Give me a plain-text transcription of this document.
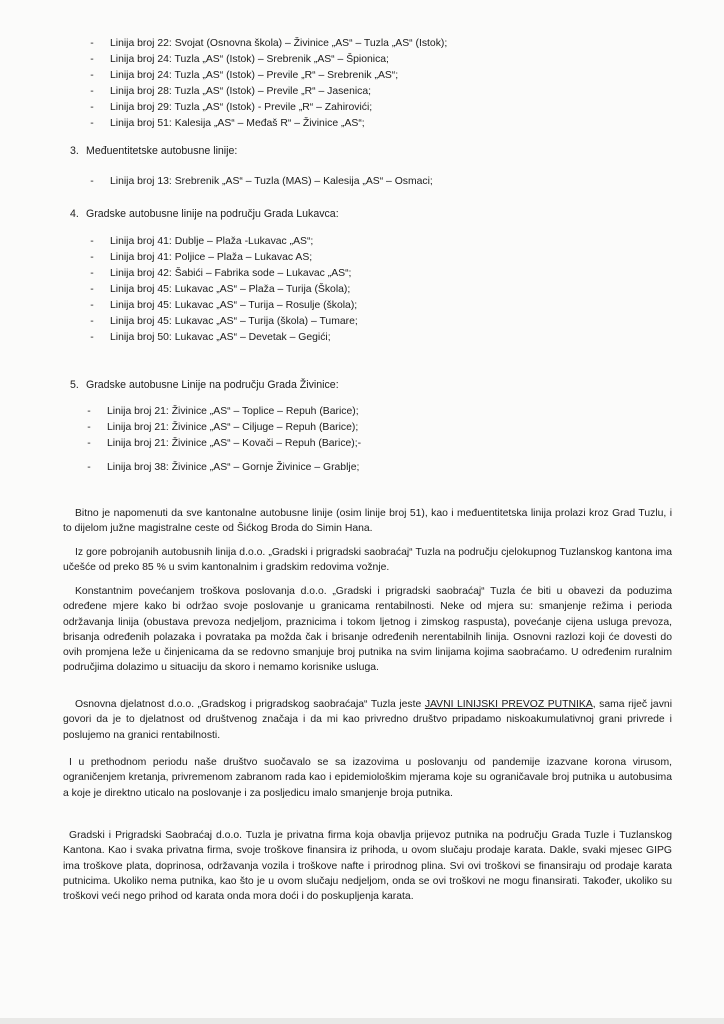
- Linija broj 22: Svojat (Osnovna škola) – Živinice „AS“ – Tuzla „AS“ (Istok);
- Linija broj 24: Tuzla „AS“ (Istok) – Srebrenik „AS“ – Špionica;
- Linija broj 24: Tuzla „AS“ (Istok) – Previle „R“ – Srebrenik „AS“;
- Linija broj 28: Tuzla „AS“ (Istok) – Previle „R“ – Jasenica;
- Linija broj 29: Tuzla „AS“ (Istok) - Previle „R“ – Zahirovići;
- Linija broj 51: Kalesija „AS“ – Međaš R“ – Živinice „AS“;
3. Međuentitetske autobusne linije:
- Linija broj 13: Srebrenik „AS“ – Tuzla (MAS) – Kalesija „AS“ – Osmaci;
4. Gradske autobusne linije na području Grada Lukavca:
- Linija broj 41: Dublje – Plaža -Lukavac „AS“;
- Linija broj 41: Poljice – Plaža – Lukavac AS;
- Linija broj 42: Šabići – Fabrika sode – Lukavac „AS“;
- Linija broj 45: Lukavac „AS“ – Plaža – Turija (Škola);
- Linija broj 45: Lukavac „AS“ – Turija – Rosulje (škola);
- Linija broj 45: Lukavac „AS“ – Turija (škola) – Tumare;
- Linija broj 50: Lukavac „AS“ – Devetak – Gegići;
5. Gradske autobusne Linije na području Grada Živinice:
- Linija broj 21: Živinice „AS“ – Toplice – Repuh (Barice);
- Linija broj 21: Živinice „AS“ – Ciljuge – Repuh (Barice);
- Linija broj 21: Živinice „AS“ – Kovači – Repuh (Barice);-
- Linija broj 38: Živinice „AS“ – Gornje Živinice – Grablje;

Bitno je napomenuti da sve kantonalne autobusne linije (osim linije broj 51), kao i međuentitetska linija prolazi kroz Grad Tuzlu, i to dijelom južne magistralne ceste od Šićkog Broda do Simin Hana.

Iz gore pobrojanih autobusnih linija d.o.o. „Gradski i prigradski saobraćaj“ Tuzla na području cjelokupnog Tuzlanskog kantona ima učešće od preko 85 % u svim kantonalnim i gradskim redovima vožnje.

Konstantnim povećanjem troškova poslovanja d.o.o. „Gradski i prigradski saobraćaj“ Tuzla će biti u obavezi da poduzima određene mjere kako bi održao svoje poslovanje u granicama rentabilnosti. Neke od mjera su: smanjenje režima i perioda održavanja linija (obustava prevoza nedjeljom, praznicima i tokom ljetnog i zimskog raspusta), povećanje cijena usluga prevoza, brisanja određenih polazaka i povrataka pa možda čak i brisanje određenih nerentabilnih linija. Osnovni razlozi koji će dovesti do ovih promjena leže u činjenicama da se redovno smanjuje broj putnika na svim linijama kojima saobraćamo. U određenim ruralnim područjima dolazimo u situaciju da skoro i nemamo korisnike usluga.

Osnovna djelatnost d.o.o. „Gradskog i prigradskog saobraćaja“ Tuzla jeste JAVNI LINIJSKI PREVOZ PUTNIKA, sama riječ javni govori da je to djelatnost od društvenog značaja i da mi kao privredno društvo pripadamo niskoakumulativnoj grani privrede i poslujemo na granici rentabilnosti.

I u prethodnom periodu naše društvo suočavalo se sa izazovima u poslovanju od pandemije izazvane korona virusom, ograničenjem kretanja, privremenom zabranom rada kao i epidemiološkim mjerama koje su ograničavale broj putnika u autobusima a koje je direktno uticalo na poslovanje i za posljedicu imalo smanjenje broja putnika.

Gradski i Prigradski Saobraćaj d.o.o. Tuzla je privatna firma koja obavlja prijevoz putnika na području Grada Tuzle i Tuzlanskog Kantona. Kao i svaka privatna firma, svoje troškove finansira iz prihoda, u ovom slučaju prodaje karata. Dakle, svaki mjesec GIPG ima troškove plata, doprinosa, održavanja vozila i troškove nafte i prirodnog plina. Svi ovi troškovi se finansiraju od prodaje karata putnicima. Ukoliko nema putnika, kao što je u ovom slučaju nedjeljom, onda se ovi troškovi ne mogu finansirati. Također, ukoliko su troškovi veći nego prihod od karata onda mora doći i do poskupljenja karata.
